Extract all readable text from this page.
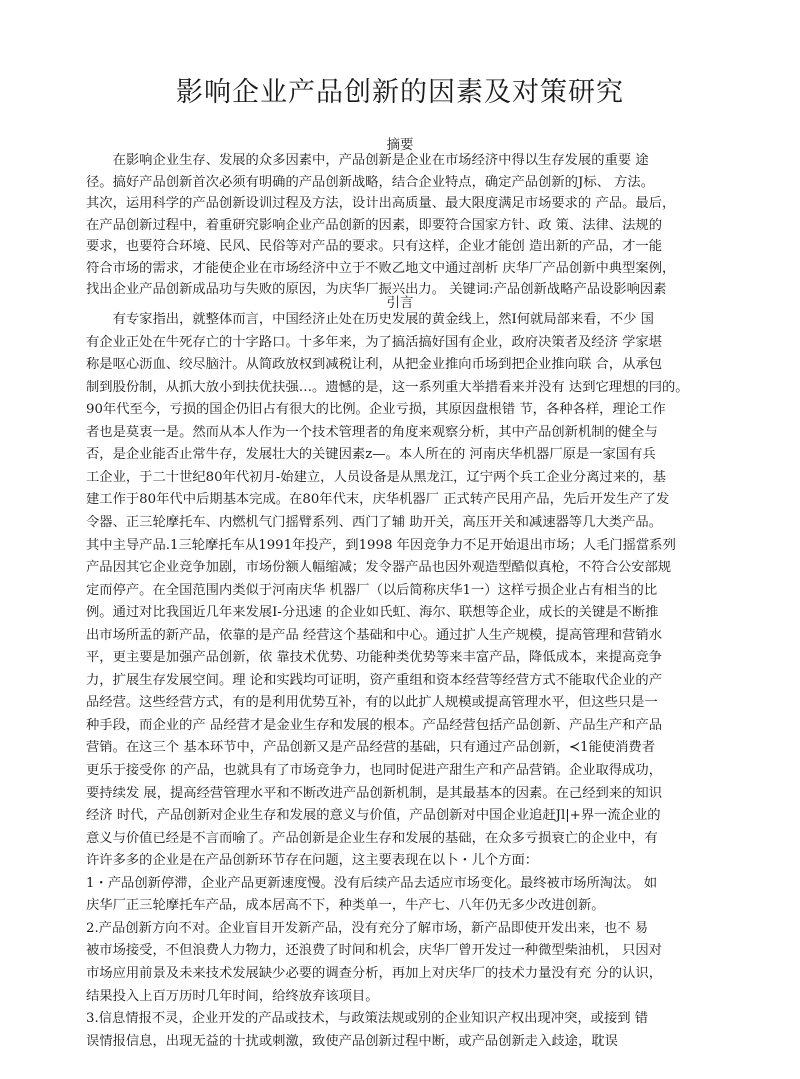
影响企业产品创新的因素及对策研究
摘要
　　在影响企业生存、发展的众多因素中，产品创新是企业在市场经济中得以生存发展的重要 途
径。搞好产品创新首次必须有明确的产品创新战略，结合企业特点，确定产品创新的J标、 方法。
其次，运用科学的产品创新设训过程及方法，设计出高质量、最大限度满足市场要求的 产品。最后，
在产品创新过程中，着重研究影响企业产品创新的因素，即要符合国家方针、政 策、法律、法规的
要求，也要符合环境、民风、民俗等对产品的要求。只有这样，企业才能创 造出新的产品，才一能
符合市场的需求，才能使企业在市场经济中立于不败乙地文中通过剖析 庆华厂产品创新中典型案例，
找出企业产品创新成品功与失败的原因，为庆华厂振兴出力。 关键词:产品创新战略产品设影响因素
引言
　　有专家指出，就整体而言，中国经济止处在历史发展的黄金线上，然I何就局部来看，不少 国
有企业正处在牛死存亡的十字路口。十多年来，为了搞活搞好国有企业，政府决策者及经济 学家堪
称是呕心沥血、绞尽脑汁。从简政放权到减税让利，从把金业推向币场到把企业推向联 合，从承包
制到股份制，从抓大放小到扶优扶强…。遗憾的是，这一系列重大举措看来并没有 达到它理想的冃的。
90年代至今，亏损的国企仍旧占有很大的比例。企业亏损，其原因盘根错 节，各种各样，理论工作
者也是莫衷一是。然而从本人作为一个技术管理者的角度来观察分析，其中产品创新机制的健全与
否，是企业能否止常牛存，发展壮大的关键因素z—。本人所在的 河南庆华机器厂原是一家国有兵
工企业，于二十世纪80年代初月-始建立，人员设备是从黑龙江，辽宁两个兵工企业分离过来的，基
建工作于80年代中后期基本完成。在80年代末，庆华机器厂 正式转产民用产品，先后开发生产了发
令器、正三轮摩托车、内燃机气门摇臂系列、西门了辅 助开关，高压开关和减速器等几大类产品。
其中主导产品.1三轮摩托车从1991年投产，到1998 年因竞争力不足开始退出市场；人毛门摇當系列
产品因其它企业竞争加剧，市场份额人幅缩减；发令器产品也因外观造型酷似真枪，不符合公安部规
定而停产。在全国范围内类似于河南庆华 机器厂（以后简称庆华1一）这样亏损企业占有相当的比
例。通过对比我国近几年来发展I-分迅速 的企业如氏虹、海尔、联想等企业，成长的关键是不断推
出市场所盂的新产品，依靠的是产品 经营这个基础和中心。通过扩人生产规模，提高管理和营销水
平，更主要是加强产品创新，依 靠技术优势、功能种类优势等来丰富产品，降低成本，来提高竞争
力，扩展生存发展空间。理 论和实践均可证明，资产重组和资本经营等经营方式不能取代企业的产
品经营。这些经营方式，有的是利用优势互补，有的以此扩人规模或提高管理水平，但这些只是一
种手段，而企业的产 品经营才是金业生存和发展的根本。产品经营包括产品创新、产品生产和产品
营销。在这三个 基本环节中，产品创新又是产品经营的基础，只有通过产品创新，≺1能使消费者
更乐于接受你 的产品，也就具有了市场竞争力，也同时促进产甜生产和产品营销。企业取得成功，
要持续发 展，提高经营管理水平和不断改进产品创新机制，是其最基本的因素。在己经到来的知识
经济 时代，产品创新对企业生存和发展的意义与价值，产品创新对中国企业追赶Jl|+界一流企业的
意义与价值已经是不言而喻了。产品创新是企业生存和发展的基础，在众多亏损衰亡的企业中，有
许许多多的企业是在产品创新环节存在问题，这主要表现在以卜・儿个方面：
1・产品创新停滞，企业产品更新速度慢。没有后续产品去适应市场变化。最终被市场所淘汰。 如
庆华厂正三轮摩托车产品，成本居高不下，种类单一，牛产七、八年仍无多少改进创新。
2.产品创新方向不对。企业盲目开发新产品，没有充分了解市场，新产品即使开发出来，也不 易
被市场接受，不但浪费人力物力，还浪费了时间和机会，庆华厂曾开发过一种微型柴油机， 只因对
市场应用前景及未来技术发展缺少必要的调查分析，再加上对庆华厂的技术力量没有充 分的认识，
结果投入上百万历时几年时间，给终放弃该项目。
3.信息情报不灵，企业开发的产品或技术，与政策法规或别的企业知识产权出现冲突，或接到 错
误情报信息，出现无益的十扰或刺激，致使产品创新过程中断，或产品创新走入歧途，耽误
